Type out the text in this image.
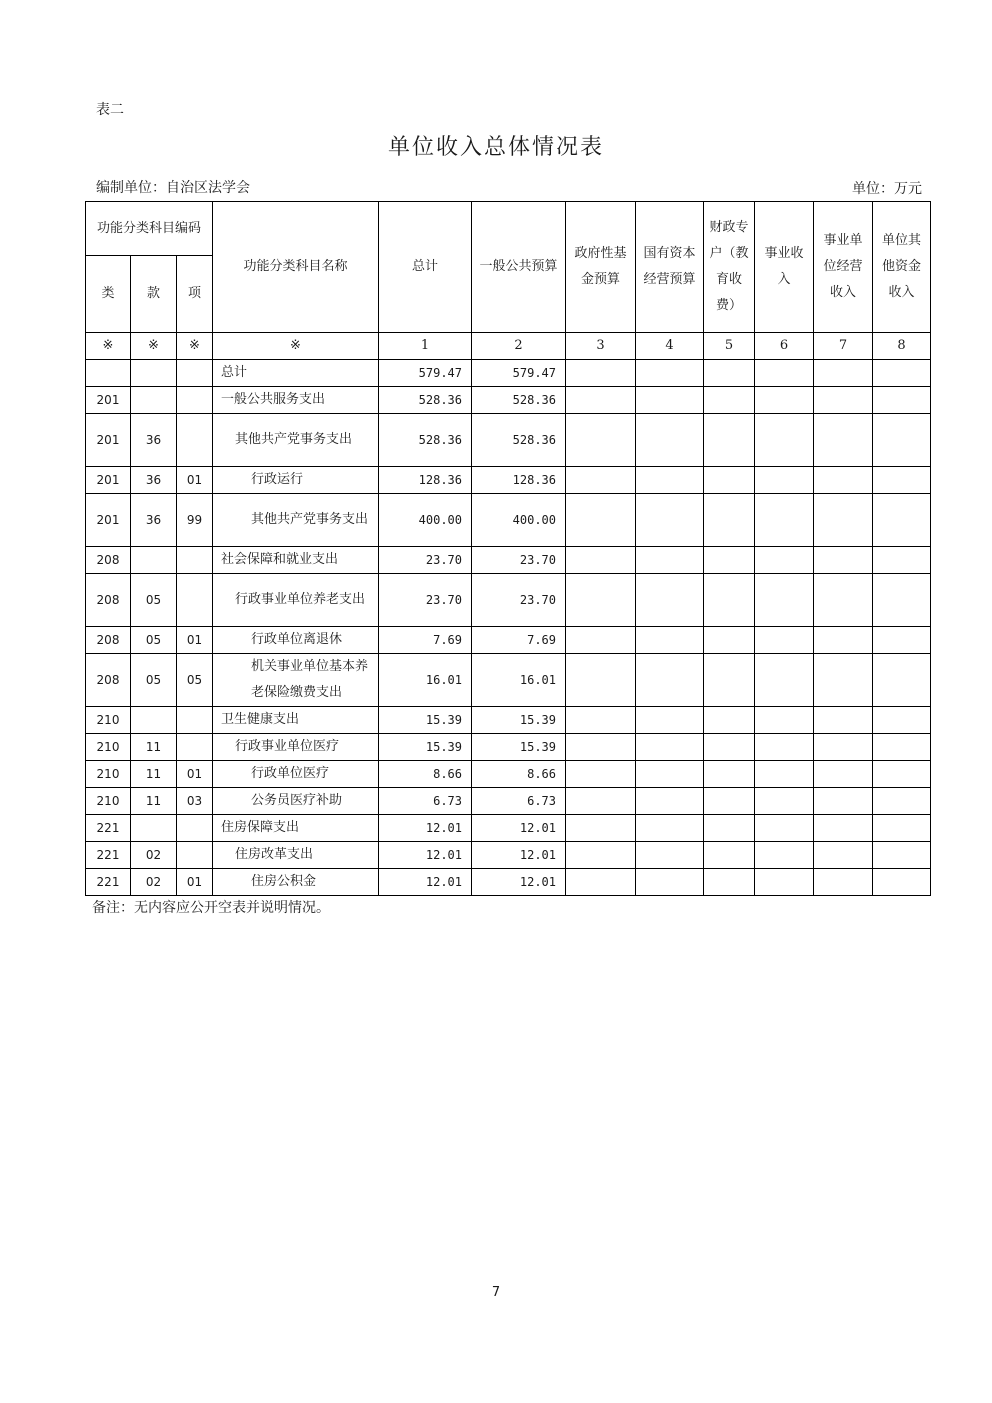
表二
单位收入总体情况表
编制单位：自治区法学会	单位：万元
功能分类科目编码			功能分类科目名称	总计	一般公共预算	政府性基金预算	国有资本经营预算	财政专户（教育收费）	事业收入	事业单位经营收入	单位其他资金收入
类	款	项									
※	※	※	※	1	2	3	4	5	6	7	8
			总计	579.47	579.47						
201			一般公共服务支出	528.36	528.36						
201	36		其他共产党事务支出	528.36	528.36						
201	36	01	行政运行	128.36	128.36						
201	36	99	其他共产党事务支出	400.00	400.00						
208			社会保障和就业支出	23.70	23.70						
208	05		行政事业单位养老支出	23.70	23.70						
208	05	01	行政单位离退休	7.69	7.69						
208	05	05	机关事业单位基本养老保险缴费支出	16.01	16.01						
210			卫生健康支出	15.39	15.39						
210	11		行政事业单位医疗	15.39	15.39						
210	11	01	行政单位医疗	8.66	8.66						
210	11	03	公务员医疗补助	6.73	6.73						
221			住房保障支出	12.01	12.01						
221	02		住房改革支出	12.01	12.01						
221	02	01	住房公积金	12.01	12.01						
备注：无内容应公开空表并说明情况。
7
